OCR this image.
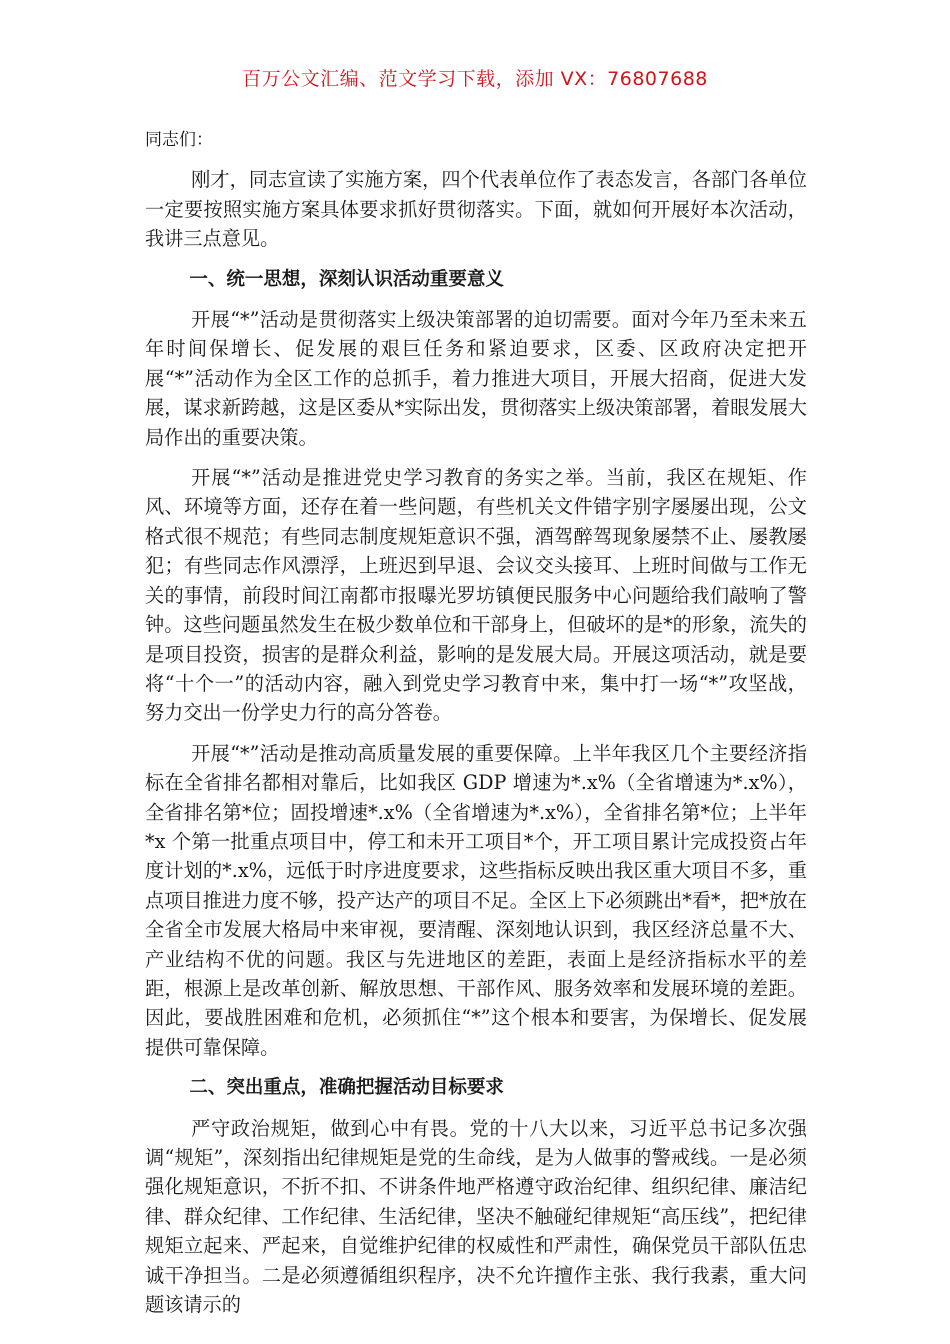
百万公文汇编、范文学习下载，添加 VX：76807688

同志们：

刚才，同志宣读了实施方案，四个代表单位作了表态发言，各部门各单位一定要按照实施方案具体要求抓好贯彻落实。下面，就如何开展好本次活动，我讲三点意见。

一、统一思想，深刻认识活动重要意义

开展“*”活动是贯彻落实上级决策部署的迫切需要。面对今年乃至未来五年时间保增长、促发展的艰巨任务和紧迫要求，区委、区政府决定把开展“*”活动作为全区工作的总抓手，着力推进大项目，开展大招商，促进大发展，谋求新跨越，这是区委从*实际出发，贯彻落实上级决策部署，着眼发展大局作出的重要决策。

开展“*”活动是推进党史学习教育的务实之举。当前，我区在规矩、作风、环境等方面，还存在着一些问题，有些机关文件错字别字屡屡出现，公文格式很不规范；有些同志制度规矩意识不强，酒驾醉驾现象屡禁不止、屡教屡犯；有些同志作风漂浮，上班迟到早退、会议交头接耳、上班时间做与工作无关的事情，前段时间江南都市报曝光罗坊镇便民服务中心问题给我们敲响了警钟。这些问题虽然发生在极少数单位和干部身上，但破坏的是*的形象，流失的是项目投资，损害的是群众利益，影响的是发展大局。开展这项活动，就是要将“十个一”的活动内容，融入到党史学习教育中来，集中打一场“*”攻坚战，努力交出一份学史力行的高分答卷。

开展“*”活动是推动高质量发展的重要保障。上半年我区几个主要经济指标在全省排名都相对靠后，比如我区 GDP 增速为*.x%（全省增速为*.x%），全省排名第*位；固投增速*.x%（全省增速为*.x%），全省排名第*位；上半年*x 个第一批重点项目中，停工和未开工项目*个，开工项目累计完成投资占年度计划的*.x%，远低于时序进度要求，这些指标反映出我区重大项目不多，重点项目推进力度不够，投产达产的项目不足。全区上下必须跳出*看*，把*放在全省全市发展大格局中来审视，要清醒、深刻地认识到，我区经济总量不大、产业结构不优的问题。我区与先进地区的差距，表面上是经济指标水平的差距，根源上是改革创新、解放思想、干部作风、服务效率和发展环境的差距。因此，要战胜困难和危机，必须抓住“*”这个根本和要害，为保增长、促发展提供可靠保障。

二、突出重点，准确把握活动目标要求

严守政治规矩，做到心中有畏。党的十八大以来，习近平总书记多次强调“规矩”，深刻指出纪律规矩是党的生命线，是为人做事的警戒线。一是必须强化规矩意识，不折不扣、不讲条件地严格遵守政治纪律、组织纪律、廉洁纪律、群众纪律、工作纪律、生活纪律，坚决不触碰纪律规矩“高压线”，把纪律规矩立起来、严起来，自觉维护纪律的权威性和严肃性，确保党员干部队伍忠诚干净担当。二是必须遵循组织程序，决不允许擅作主张、我行我素，重大问题该请示的
